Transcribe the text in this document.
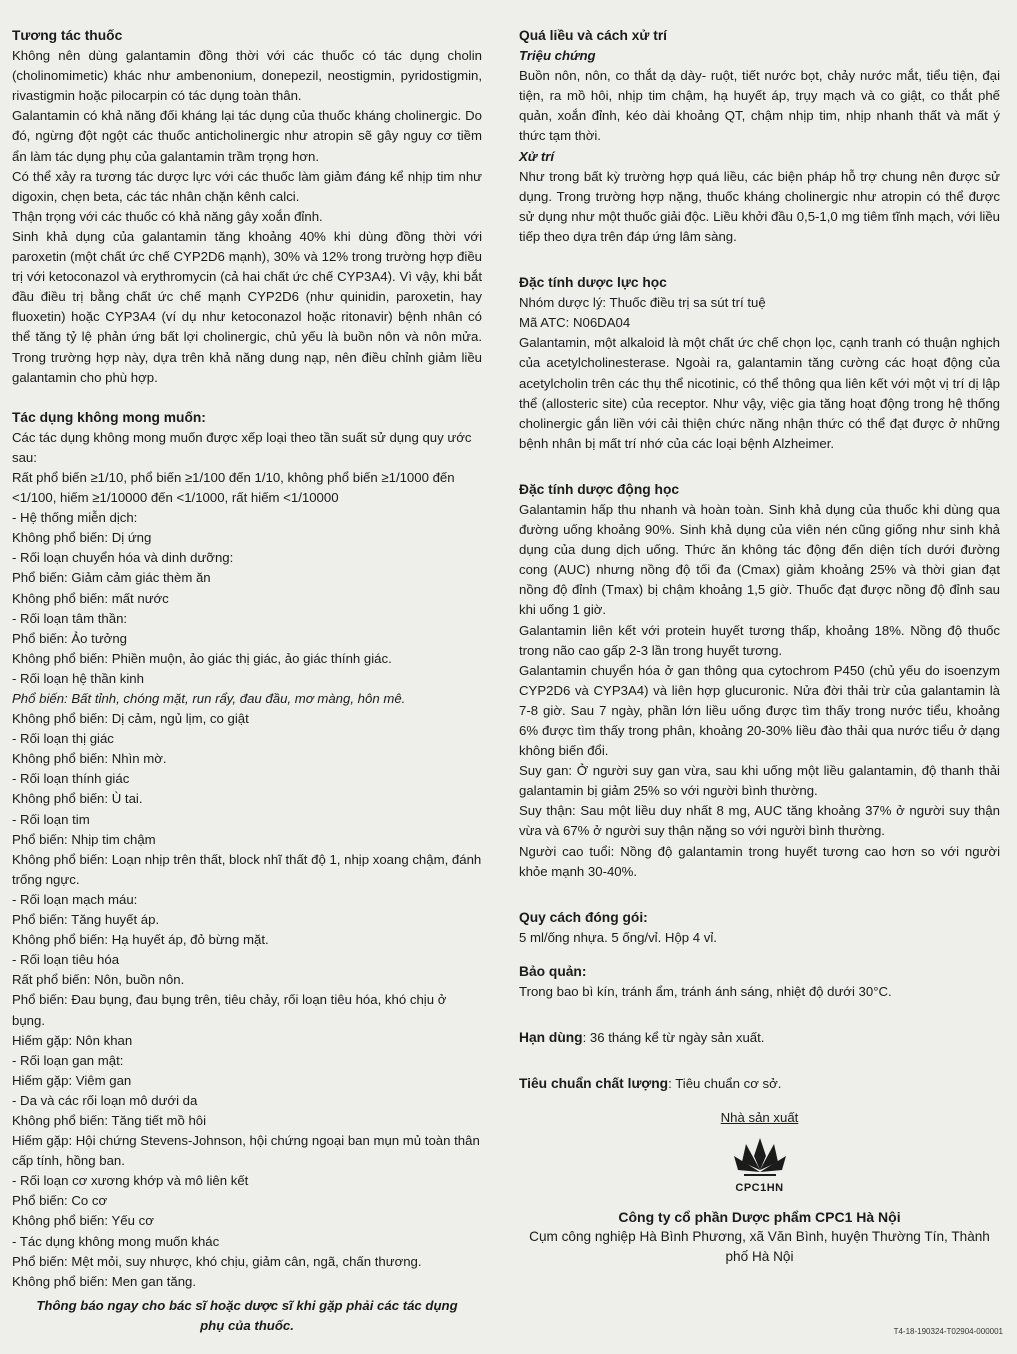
Tương tác thuốc

Không nên dùng galantamin đồng thời với các thuốc có tác dụng cholin (cholinomimetic) khác như ambenonium, donepezil, neostigmin, pyridostigmin, rivastigmin hoặc pilocarpin có tác dụng toàn thân.

Galantamin có khả năng đối kháng lại tác dụng của thuốc kháng cholinergic. Do đó, ngừng đột ngột các thuốc anticholinergic như atropin sẽ gây nguy cơ tiềm ẩn làm tác dụng phụ của galantamin trầm trọng hơn.

Có thể xảy ra tương tác dược lực với các thuốc làm giảm đáng kể nhịp tim như digoxin, chẹn beta, các tác nhân chặn kênh calci.

Thận trọng với các thuốc có khả năng gây xoắn đỉnh.

Sinh khả dụng của galantamin tăng khoảng 40% khi dùng đồng thời với paroxetin (một chất ức chế CYP2D6 mạnh), 30% và 12% trong trường hợp điều trị với ketoconazol và erythromycin (cả hai chất ức chế CYP3A4). Vì vậy, khi bắt đầu điều trị bằng chất ức chế mạnh CYP2D6 (như quinidin, paroxetin, hay fluoxetin) hoặc CYP3A4 (ví dụ như ketoconazol hoặc ritonavir) bệnh nhân có thể tăng tỷ lệ phản ứng bất lợi cholinergic, chủ yếu là buồn nôn và nôn mửa. Trong trường hợp này, dựa trên khả năng dung nạp, nên điều chỉnh giảm liều galantamin cho phù hợp.

Tác dụng không mong muốn:

Các tác dụng không mong muốn được xếp loại theo tần suất sử dụng quy ước sau:

Rất phổ biến ≥1/10, phổ biến ≥1/100 đến 1/10, không phổ biến ≥1/1000 đến <1/100, hiếm ≥1/10000 đến <1/1000, rất hiếm <1/10000

- Hệ thống miễn dịch:
Không phổ biến: Dị ứng
- Rối loạn chuyển hóa và dinh dưỡng:
Phổ biến: Giảm cảm giác thèm ăn
Không phổ biến: mất nước
- Rối loạn tâm thần:
Phổ biến: Ảo tưởng
Không phổ biến: Phiền muộn, ảo giác thị giác, ảo giác thính giác.
- Rối loạn hệ thần kinh
Phổ biến: Bất tỉnh, chóng mặt, run rẩy, đau đầu, mơ màng, hôn mê.
Không phổ biến: Dị cảm, ngủ lịm, co giật
- Rối loạn thị giác
Không phổ biến: Nhìn mờ.
- Rối loạn thính giác
Không phổ biến: Ù tai.
- Rối loạn tim
Phổ biến: Nhịp tim chậm
Không phổ biến: Loạn nhịp trên thất, block nhĩ thất độ 1, nhịp xoang chậm, đánh trống ngực.
- Rối loạn mạch máu:
Phổ biến: Tăng huyết áp.
Không phổ biến: Hạ huyết áp, đỏ bừng mặt.
- Rối loạn tiêu hóa
Rất phổ biến: Nôn, buồn nôn.
Phổ biến: Đau bụng, đau bụng trên, tiêu chảy, rối loạn tiêu hóa, khó chịu ở bụng.
Hiếm gặp: Nôn khan
- Rối loạn gan mật:
Hiếm gặp: Viêm gan
- Da và các rối loạn mô dưới da
Không phổ biến: Tăng tiết mồ hôi
Hiếm gặp: Hội chứng Stevens-Johnson, hội chứng ngoại ban mụn mủ toàn thân cấp tính, hồng ban.
- Rối loạn cơ xương khớp và mô liên kết
Phổ biến: Co cơ
Không phổ biến: Yếu cơ
- Tác dụng không mong muốn khác
Phổ biến: Mệt mỏi, suy nhược, khó chịu, giảm cân, ngã, chấn thương.
Không phổ biến: Men gan tăng.
Thông báo ngay cho bác sĩ hoặc dược sĩ khi gặp phải các tác dụng phụ của thuốc.
Quá liều và cách xử trí
Triệu chứng

Buồn nôn, nôn, co thắt dạ dày- ruột, tiết nước bọt, chảy nước mắt, tiểu tiện, đại tiện, ra mồ hôi, nhịp tim chậm, hạ huyết áp, trụy mạch và co giật, co thắt phế quản, xoắn đỉnh, kéo dài khoảng QT, chậm nhịp tim, nhịp nhanh thất và mất ý thức tạm thời.

Xử trí

Như trong bất kỳ trường hợp quá liều, các biện pháp hỗ trợ chung nên được sử dụng. Trong trường hợp nặng, thuốc kháng cholinergic như atropin có thể được sử dụng như một thuốc giải độc. Liều khởi đầu 0,5-1,0 mg tiêm tĩnh mạch, với liều tiếp theo dựa trên đáp ứng lâm sàng.

Đặc tính dược lực học

Nhóm dược lý: Thuốc điều trị sa sút trí tuệ

Mã ATC: N06DA04

Galantamin, một alkaloid là một chất ức chế chọn lọc, cạnh tranh có thuận nghịch của acetylcholinesterase. Ngoài ra, galantamin tăng cường các hoạt động của acetylcholin trên các thụ thể nicotinic, có thể thông qua liên kết với một vị trí dị lập thể (allosteric site) của receptor. Như vậy, việc gia tăng hoạt động trong hệ thống cholinergic gắn liền với cải thiện chức năng nhận thức có thể đạt được ở những bệnh nhân bị mất trí nhớ của các loại bệnh Alzheimer.

Đặc tính dược động học

Galantamin hấp thu nhanh và hoàn toàn. Sinh khả dụng của thuốc khi dùng qua đường uống khoảng 90%. Sinh khả dụng của viên nén cũng giống như sinh khả dụng của dung dịch uống. Thức ăn không tác động đến diện tích dưới đường cong (AUC) nhưng nồng độ tối đa (Cmax) giảm khoảng 25% và thời gian đạt nồng độ đỉnh (Tmax) bị chậm khoảng 1,5 giờ. Thuốc đạt được nồng độ đỉnh sau khi uống 1 giờ.

Galantamin liên kết với protein huyết tương thấp, khoảng 18%. Nồng độ thuốc trong não cao gấp 2-3 lần trong huyết tương.

Galantamin chuyển hóa ở gan thông qua cytochrom P450 (chủ yếu do isoenzym CYP2D6 và CYP3A4) và liên hợp glucuronic. Nửa đời thải trừ của galantamin là 7-8 giờ. Sau 7 ngày, phần lớn liều uống được tìm thấy trong nước tiểu, khoảng 6% được tìm thấy trong phân, khoảng 20-30% liều đào thải qua nước tiểu ở dạng không biến đổi.

Suy gan: Ở người suy gan vừa, sau khi uống một liều galantamin, độ thanh thải galantamin bị giảm 25% so với người bình thường.

Suy thận: Sau một liều duy nhất 8 mg, AUC tăng khoảng 37% ở người suy thận vừa và 67% ở người suy thận nặng so với người bình thường.

Người cao tuổi: Nồng độ galantamin trong huyết tương cao hơn so với người khỏe mạnh 30-40%.

Quy cách đóng gói:
5 ml/ống nhựa. 5 ống/vỉ. Hộp 4 vỉ.
Bảo quản:
Trong bao bì kín, tránh ẩm, tránh ánh sáng, nhiệt độ dưới 30°C.
Hạn dùng: 36 tháng kể từ ngày sản xuất.
Tiêu chuẩn chất lượng: Tiêu chuẩn cơ sở.
Nhà sản xuất
CPC1HN
Công ty cổ phần Dược phẩm CPC1 Hà Nội
Cụm công nghiệp Hà Bình Phương, xã Văn Bình, huyện Thường Tín, Thành phố Hà Nội
T4-18-190324-T02904-000001
